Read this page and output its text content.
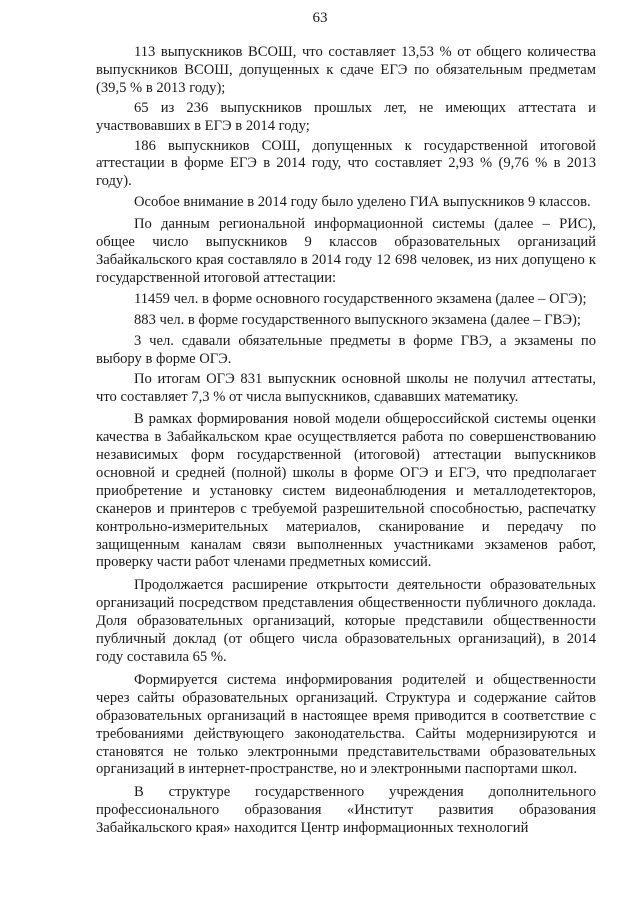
63

113 выпускников ВСОШ, что составляет 13,53 % от общего количества выпускников ВСОШ, допущенных к сдаче ЕГЭ по обязательным предметам (39,5 % в 2013 году);

65 из 236 выпускников прошлых лет, не имеющих аттестата и участвовавших в ЕГЭ в 2014 году;

186 выпускников СОШ, допущенных к государственной итоговой аттестации в форме ЕГЭ в 2014 году, что составляет 2,93 % (9,76 % в 2013 году).

Особое внимание в 2014 году было уделено ГИА выпускников 9 классов.

По данным региональной информационной системы (далее – РИС), общее число выпускников 9 классов образовательных организаций Забайкальского края составляло в 2014 году 12 698 человек, из них допущено к государственной итоговой аттестации:

11459 чел. в форме основного государственного экзамена (далее – ОГЭ);

883 чел. в форме государственного выпускного экзамена (далее – ГВЭ);

3 чел. сдавали обязательные предметы в форме ГВЭ, а экзамены по выбору в форме ОГЭ.

По итогам ОГЭ 831 выпускник основной школы не получил аттестаты, что составляет 7,3 % от числа выпускников, сдававших математику.

В рамках формирования новой модели общероссийской системы оценки качества в Забайкальском крае осуществляется работа по совершенствованию независимых форм государственной (итоговой) аттестации выпускников основной и средней (полной) школы в форме ОГЭ и ЕГЭ, что предполагает приобретение и установку систем видеонаблюдения и металлодетекторов, сканеров и принтеров с требуемой разрешительной способностью, распечатку контрольно-измерительных материалов, сканирование и передачу по защищенным каналам связи выполненных участниками экзаменов работ, проверку части работ членами предметных комиссий.

Продолжается расширение открытости деятельности образовательных организаций посредством представления общественности публичного доклада. Доля образовательных организаций, которые представили общественности публичный доклад (от общего числа образовательных организаций), в 2014 году составила 65 %.

Формируется система информирования родителей и общественности через сайты образовательных организаций. Структура и содержание сайтов образовательных организаций в настоящее время приводится в соответствие с требованиями действующего законодательства. Сайты модернизируются и становятся не только электронными представительствами образовательных организаций в интернет-пространстве, но и электронными паспортами школ.

В структуре государственного учреждения дополнительного профессионального образования «Институт развития образования Забайкальского края» находится Центр информационных технологий
